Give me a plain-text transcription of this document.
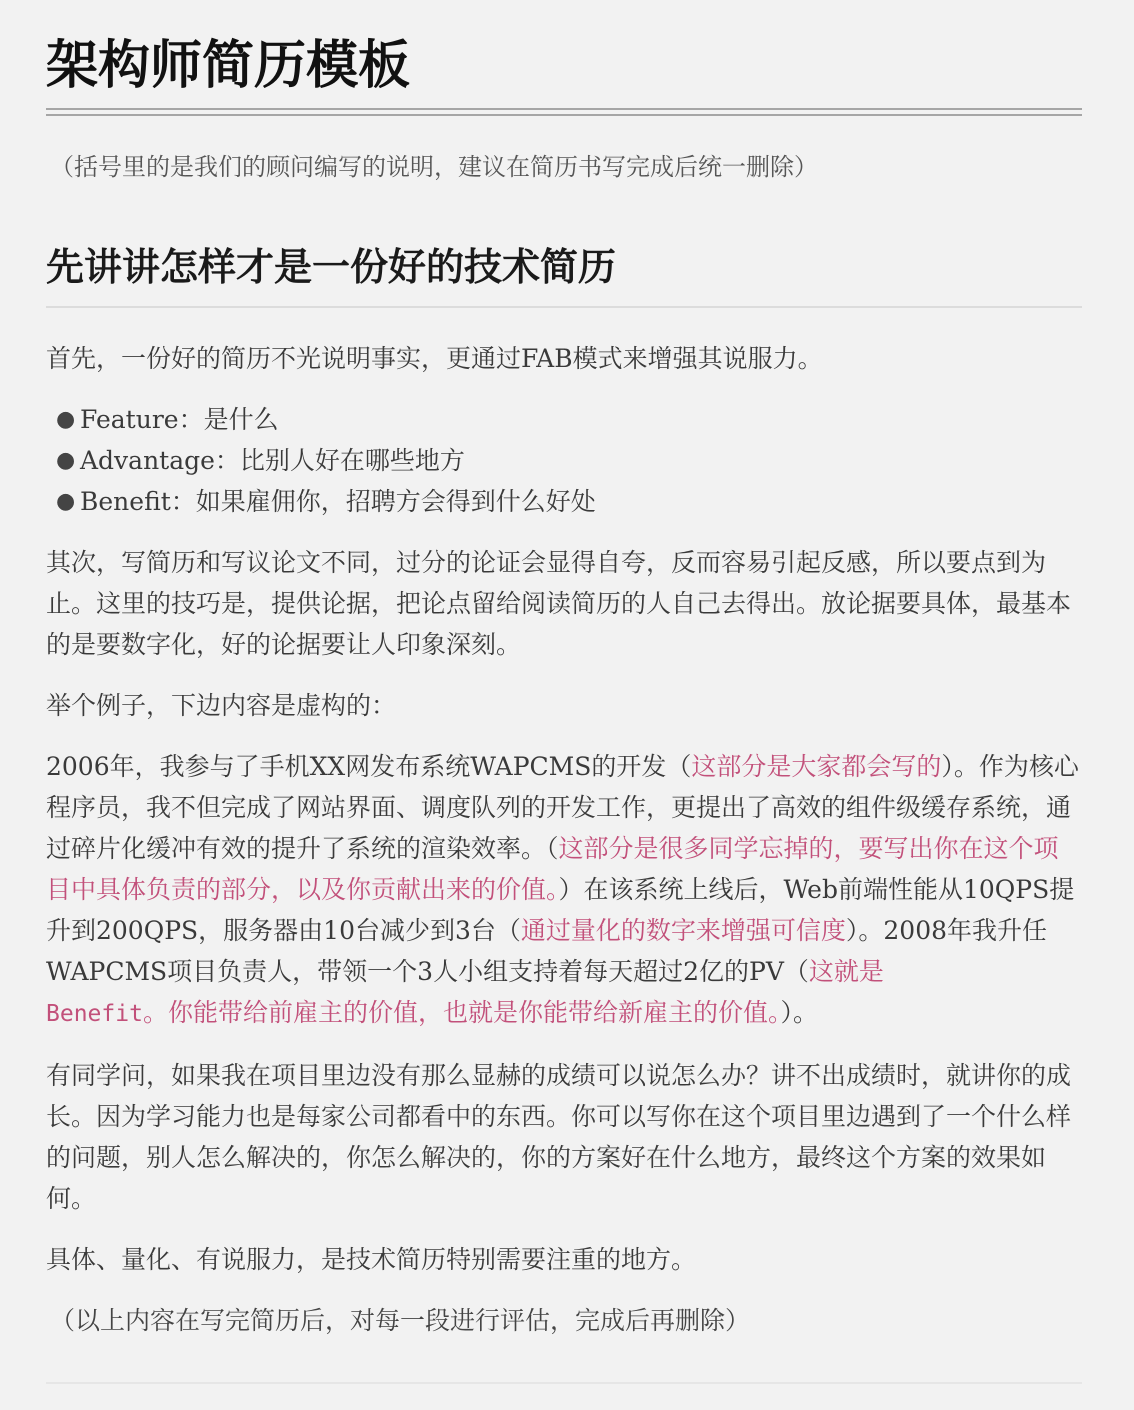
架构师简历模板

（括号里的是我们的顾问编写的说明，建议在简历书写完成后统一删除）

先讲讲怎样才是一份好的技术简历

首先，一份好的简历不光说明事实，更通过FAB模式来增强其说服力。

● Feature：是什么
● Advantage：比别人好在哪些地方
● Benefit：如果雇佣你，招聘方会得到什么好处

其次，写简历和写议论文不同，过分的论证会显得自夸，反而容易引起反感，所以要点到为止。这里的技巧是，提供论据，把论点留给阅读简历的人自己去得出。放论据要具体，最基本的是要数字化，好的论据要让人印象深刻。

举个例子，下边内容是虚构的：

2006年，我参与了手机XX网发布系统WAPCMS的开发（这部分是大家都会写的）。作为核心程序员，我不但完成了网站界面、调度队列的开发工作，更提出了高效的组件级缓存系统，通过碎片化缓冲有效的提升了系统的渲染效率。（这部分是很多同学忘掉的，要写出你在这个项目中具体负责的部分，以及你贡献出来的价值。）在该系统上线后，Web前端性能从10QPS提升到200QPS，服务器由10台减少到3台（通过量化的数字来增强可信度）。2008年我升任WAPCMS项目负责人，带领一个3人小组支持着每天超过2亿的PV（这就是
Benefit。你能带给前雇主的价值，也就是你能带给新雇主的价值。）。

有同学问，如果我在项目里边没有那么显赫的成绩可以说怎么办？讲不出成绩时，就讲你的成长。因为学习能力也是每家公司都看中的东西。你可以写你在这个项目里边遇到了一个什么样的问题，别人怎么解决的，你怎么解决的，你的方案好在什么地方，最终这个方案的效果如何。

具体、量化、有说服力，是技术简历特别需要注重的地方。

（以上内容在写完简历后，对每一段进行评估，完成后再删除）
